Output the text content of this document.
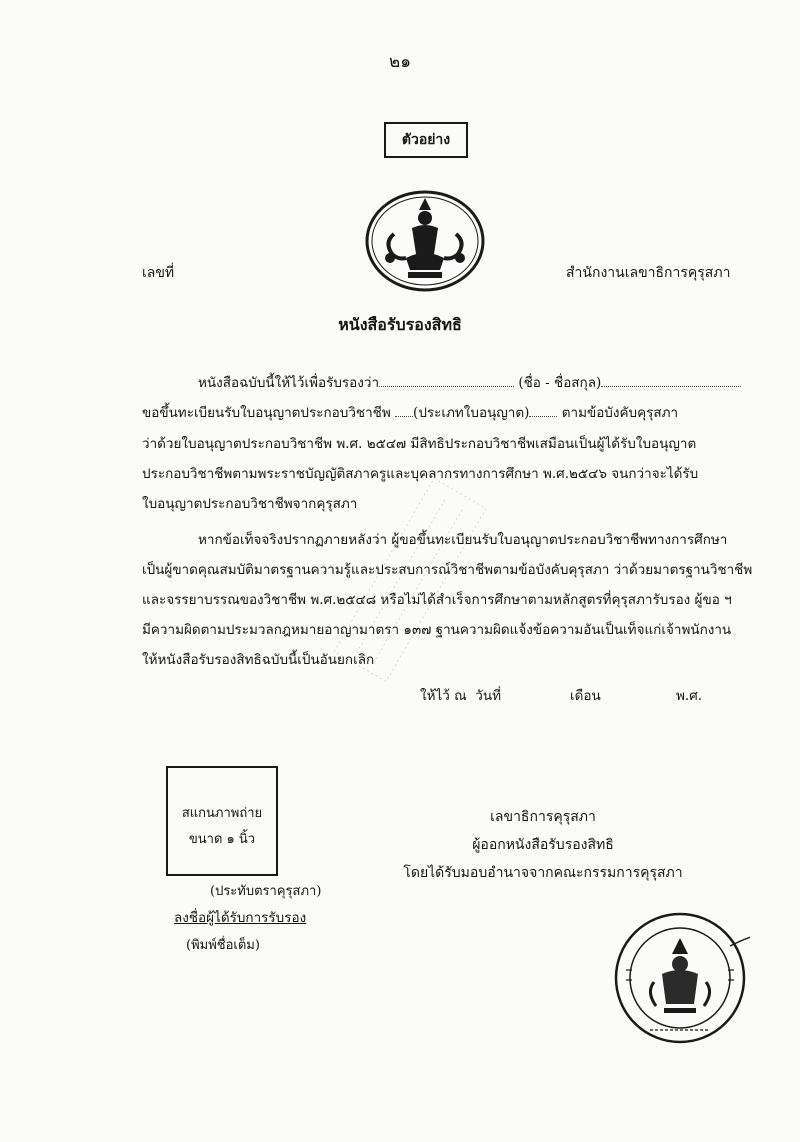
๒๑
ตัวอย่าง
เลขที่	สำนักงานเลขาธิการคุรุสภา
หนังสือรับรองสิทธิ
หนังสือฉบับนี้ให้ไว้เพื่อรับรองว่า	(ชื่อ - ชื่อสกุล)
ขอขึ้นทะเบียนรับใบอนุญาตประกอบวิชาชีพ (ประเภทใบอนุญาต) ตามข้อบังคับคุรุสภา
ว่าด้วยใบอนุญาตประกอบวิชาชีพ พ.ศ. ๒๕๔๗ มีสิทธิประกอบวิชาชีพเสมือนเป็นผู้ได้รับใบอนุญาต
ประกอบวิชาชีพตามพระราชบัญญัติสภาครูและบุคลากรทางการศึกษา พ.ศ.๒๕๔๖ จนกว่าจะได้รับ
ใบอนุญาตประกอบวิชาชีพจากคุรุสภา
หากข้อเท็จจริงปรากฏภายหลังว่า ผู้ขอขึ้นทะเบียนรับใบอนุญาตประกอบวิชาชีพทางการศึกษา
เป็นผู้ขาดคุณสมบัติมาตรฐานความรู้และประสบการณ์วิชาชีพตามข้อบังคับคุรุสภา ว่าด้วยมาตรฐานวิชาชีพ
และจรรยาบรรณของวิชาชีพ พ.ศ.๒๕๔๘ หรือไม่ได้สำเร็จการศึกษาตามหลักสูตรที่คุรุสภารับรอง ผู้ขอ ฯ
มีความผิดตามประมวลกฎหมายอาญามาตรา ๑๓๗ ฐานความผิดแจ้งข้อความอันเป็นเท็จแก่เจ้าพนักงาน
ให้หนังสือรับรองสิทธิฉบับนี้เป็นอันยกเลิก
ให้ไว้ ณ วันที่	เดือน	พ.ศ.
สแกนภาพถ่าย
ขนาด ๑ นิ้ว
(ประทับตราคุรุสภา)
ลงชื่อผู้ได้รับการรับรอง
(พิมพ์ชื่อเต็ม)
เลขาธิการคุรุสภา
ผู้ออกหนังสือรับรองสิทธิ
โดยได้รับมอบอำนาจจากคณะกรรมการคุรุสภา
